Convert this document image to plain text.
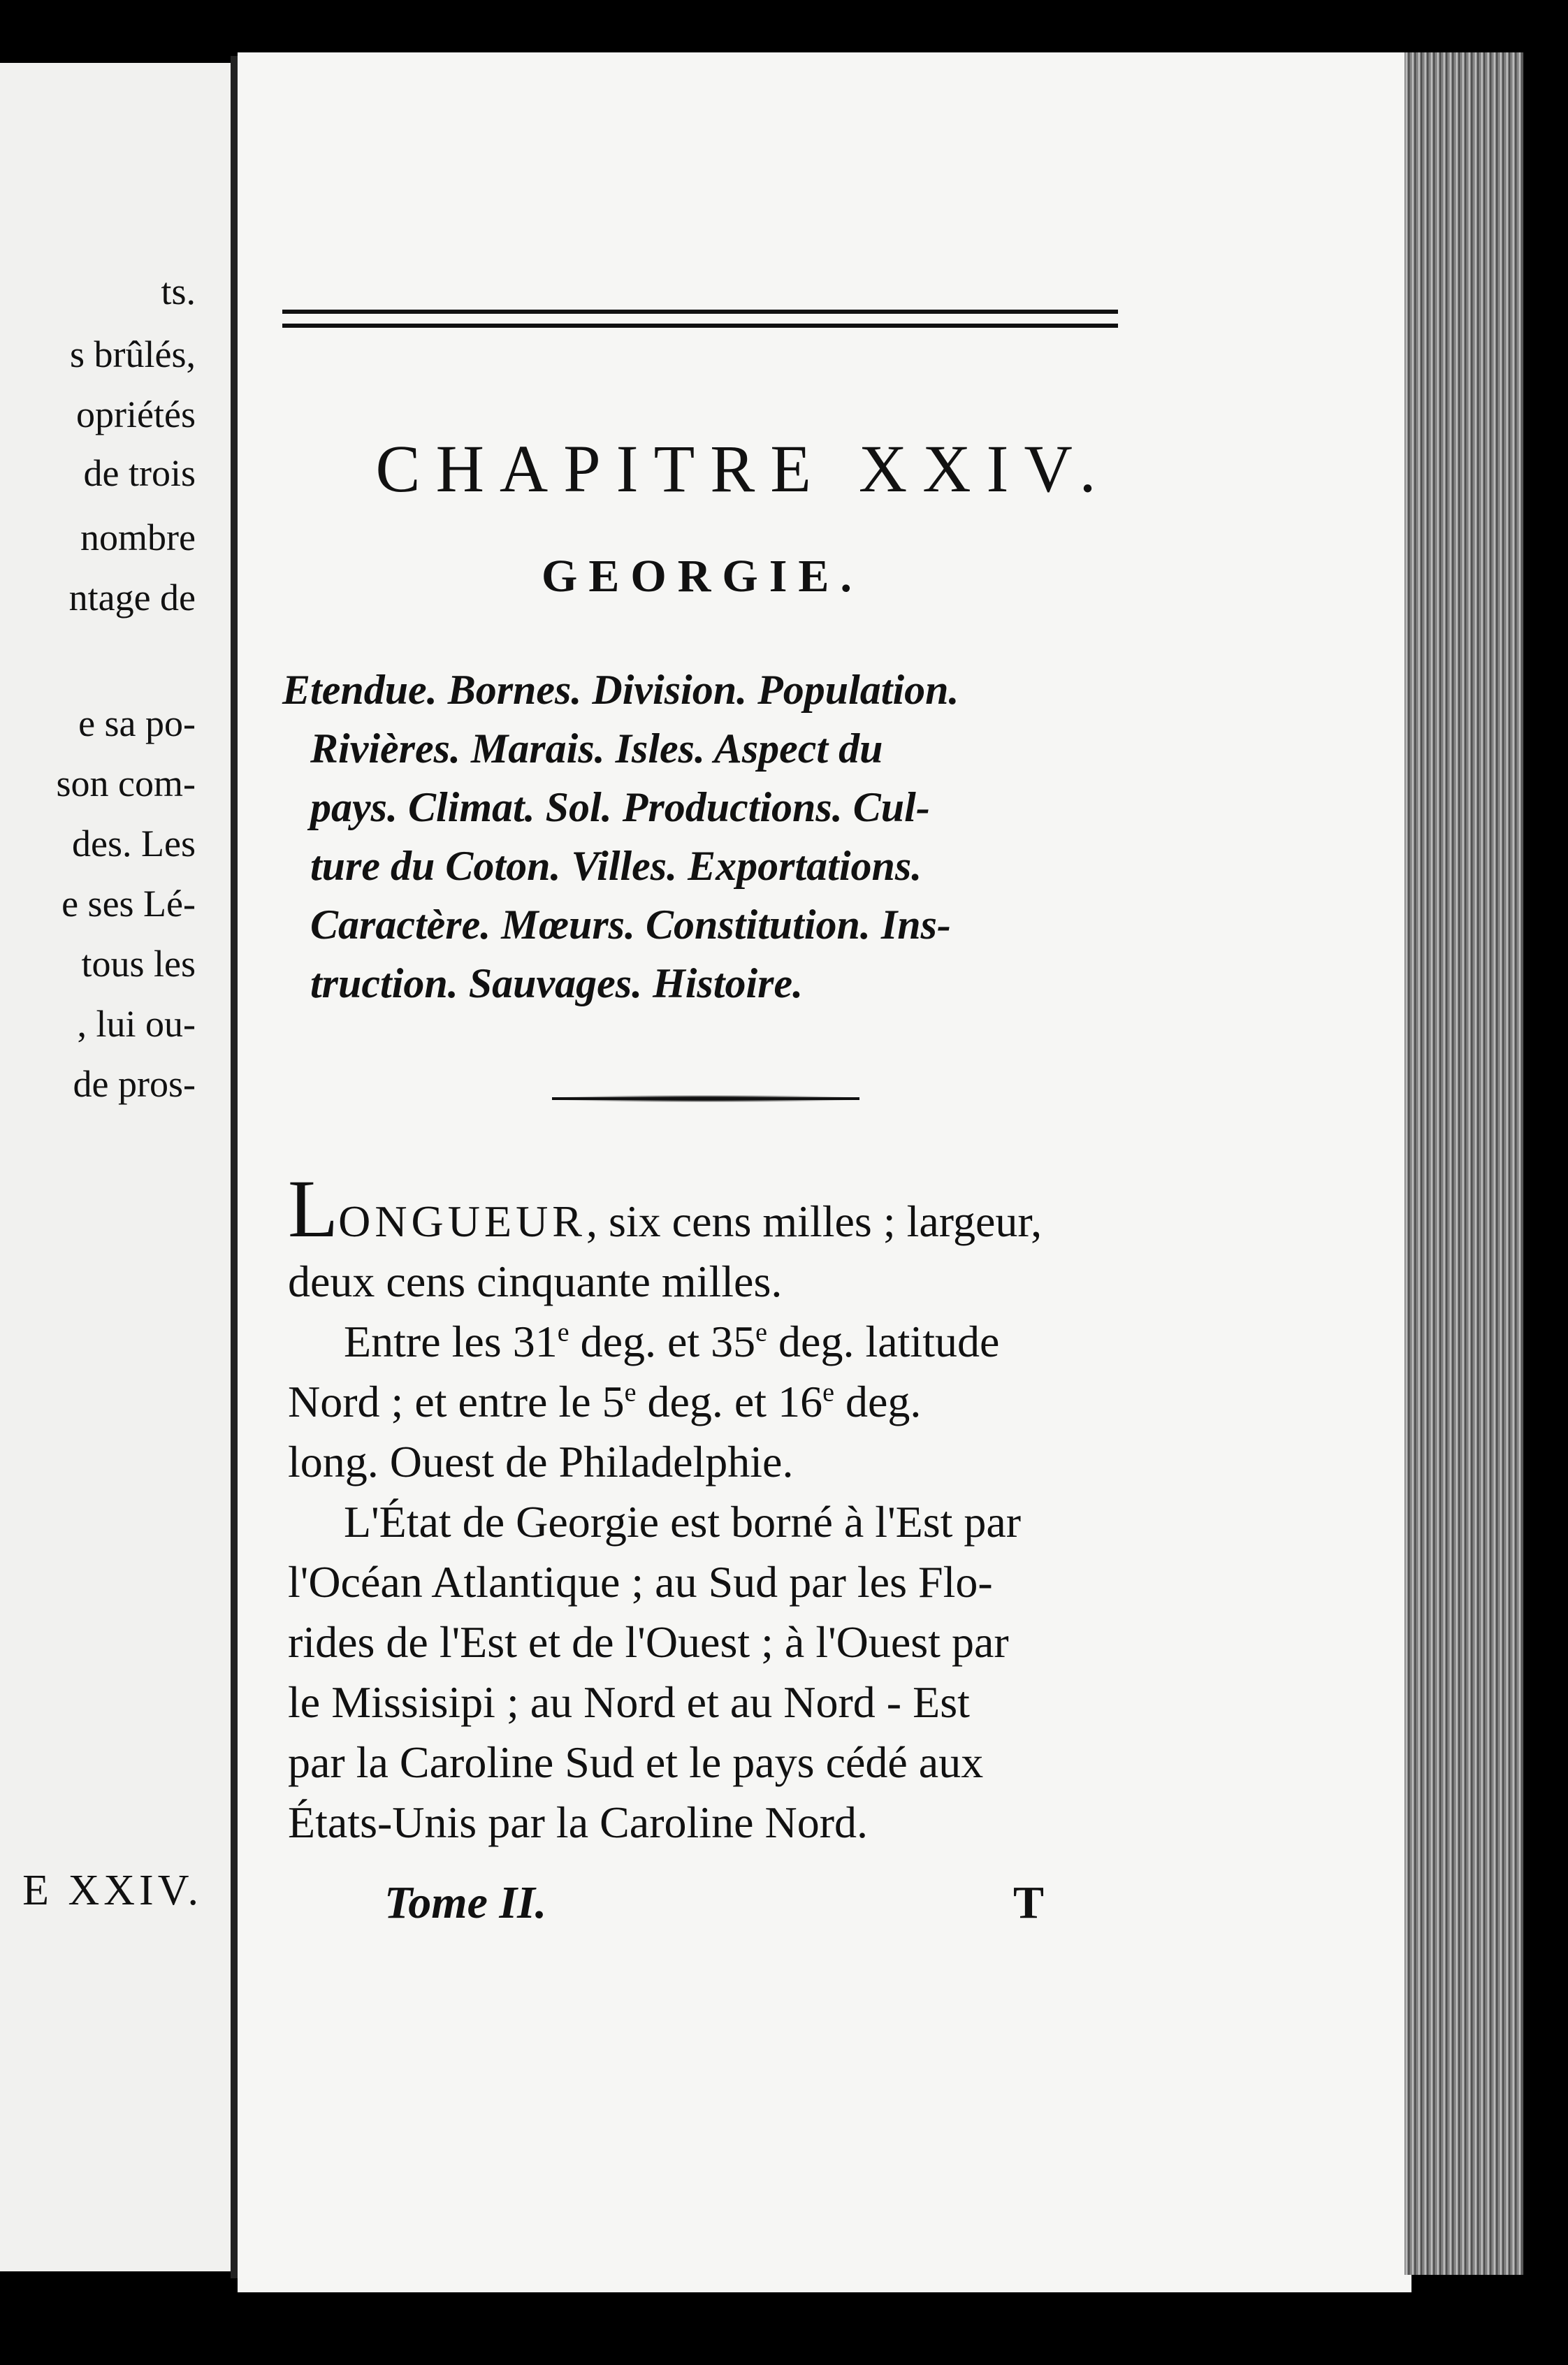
ts.
s brûlés,
opriétés
de trois
nombre
ntage de
e sa po-
son com-
des. Les
e ses Lé-
tous les
, lui ou-
de pros-
E XXIV.
CHAPITRE XXIV.
GEORGIE.
Etendue. Bornes. Division. Population.
Rivières. Marais. Isles. Aspect du
pays. Climat. Sol. Productions. Cul-
ture du Coton. Villes. Exportations.
Caractère. Mœurs. Constitution. Ins-
truction. Sauvages. Histoire.
LONGUEUR, six cens milles ; largeur,
deux cens cinquante milles.
Entre les 31e deg. et 35e deg. latitude
Nord ; et entre le 5e deg. et 16e deg.
long. Ouest de Philadelphie.
L'État de Georgie est borné à l'Est par
l'Océan Atlantique ; au Sud par les Flo-
rides de l'Est et de l'Ouest ; à l'Ouest par
le Missisipi ; au Nord et au Nord - Est
par la Caroline Sud et le pays cédé aux
États-Unis par la Caroline Nord.
Tome II.	T
